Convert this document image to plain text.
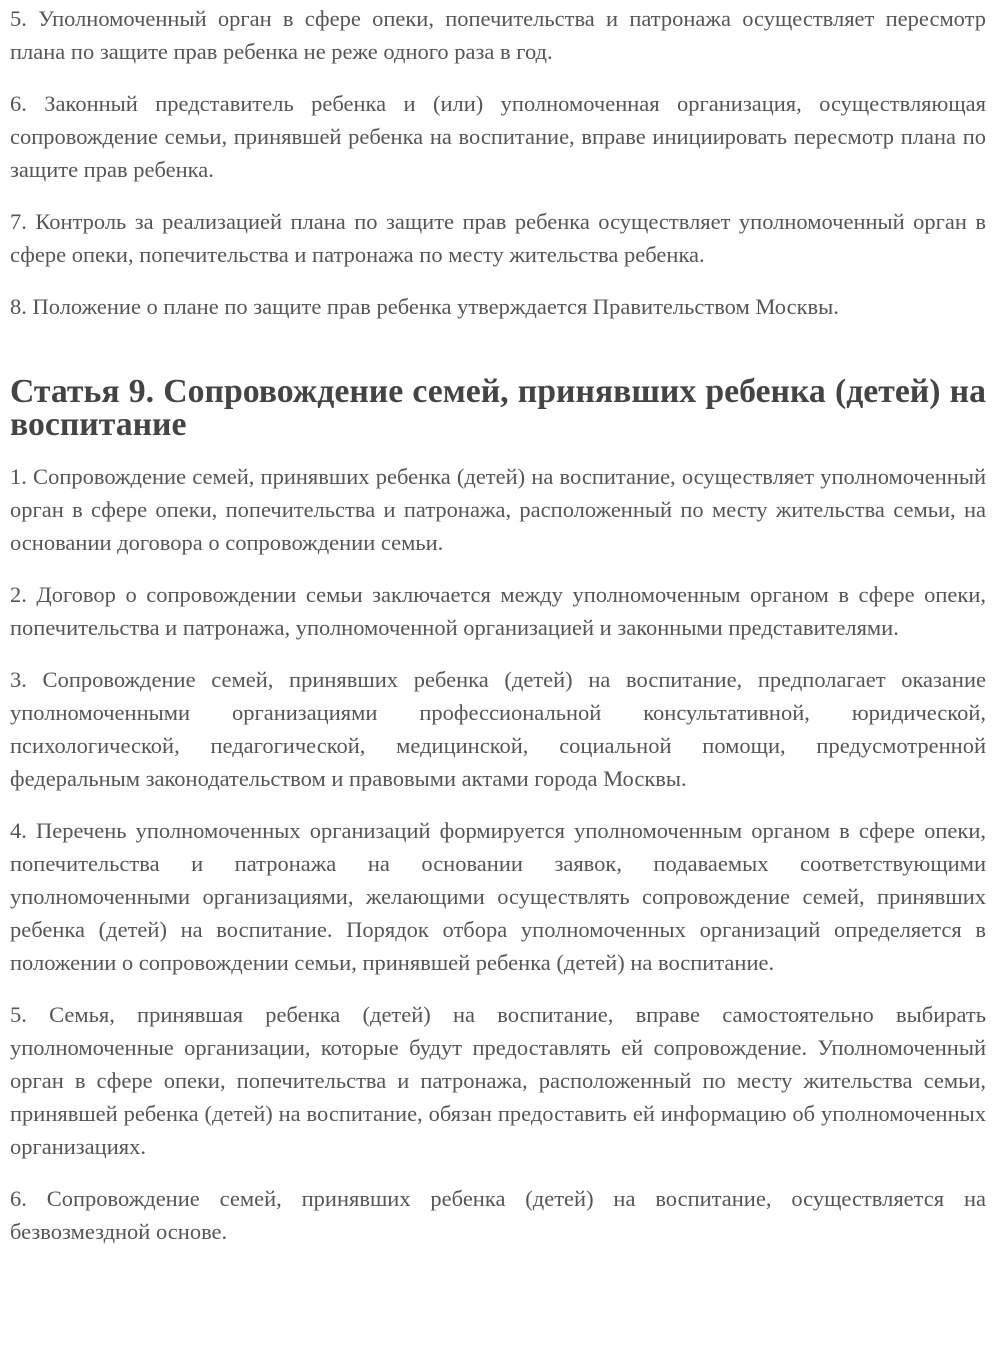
5. Уполномоченный орган в сфере опеки, попечительства и патронажа осуществляет пересмотр плана по защите прав ребенка не реже одного раза в год.

6. Законный представитель ребенка и (или) уполномоченная организация, осуществляющая сопровождение семьи, принявшей ребенка на воспитание, вправе инициировать пересмотр плана по защите прав ребенка.

7. Контроль за реализацией плана по защите прав ребенка осуществляет уполномоченный орган в сфере опеки, попечительства и патронажа по месту жительства ребенка.

8. Положение о плане по защите прав ребенка утверждается Правительством Москвы.

Статья 9. Сопровождение семей, принявших ребенка (детей) на воспитание

1. Сопровождение семей, принявших ребенка (детей) на воспитание, осуществляет уполномоченный орган в сфере опеки, попечительства и патронажа, расположенный по месту жительства семьи, на основании договора о сопровождении семьи.

2. Договор о сопровождении семьи заключается между уполномоченным органом в сфере опеки, попечительства и патронажа, уполномоченной организацией и законными представителями.

3. Сопровождение семей, принявших ребенка (детей) на воспитание, предполагает оказание уполномоченными организациями профессиональной консультативной, юридической, психологической, педагогической, медицинской, социальной помощи, предусмотренной федеральным законодательством и правовыми актами города Москвы.

4. Перечень уполномоченных организаций формируется уполномоченным органом в сфере опеки, попечительства и патронажа на основании заявок, подаваемых соответствующими уполномоченными организациями, желающими осуществлять сопровождение семей, принявших ребенка (детей) на воспитание. Порядок отбора уполномоченных организаций определяется в положении о сопровождении семьи, принявшей ребенка (детей) на воспитание.

5. Семья, принявшая ребенка (детей) на воспитание, вправе самостоятельно выбирать уполномоченные организации, которые будут предоставлять ей сопровождение. Уполномоченный орган в сфере опеки, попечительства и патронажа, расположенный по месту жительства семьи, принявшей ребенка (детей) на воспитание, обязан предоставить ей информацию об уполномоченных организациях.

6. Сопровождение семей, принявших ребенка (детей) на воспитание, осуществляется на безвозмездной основе.
